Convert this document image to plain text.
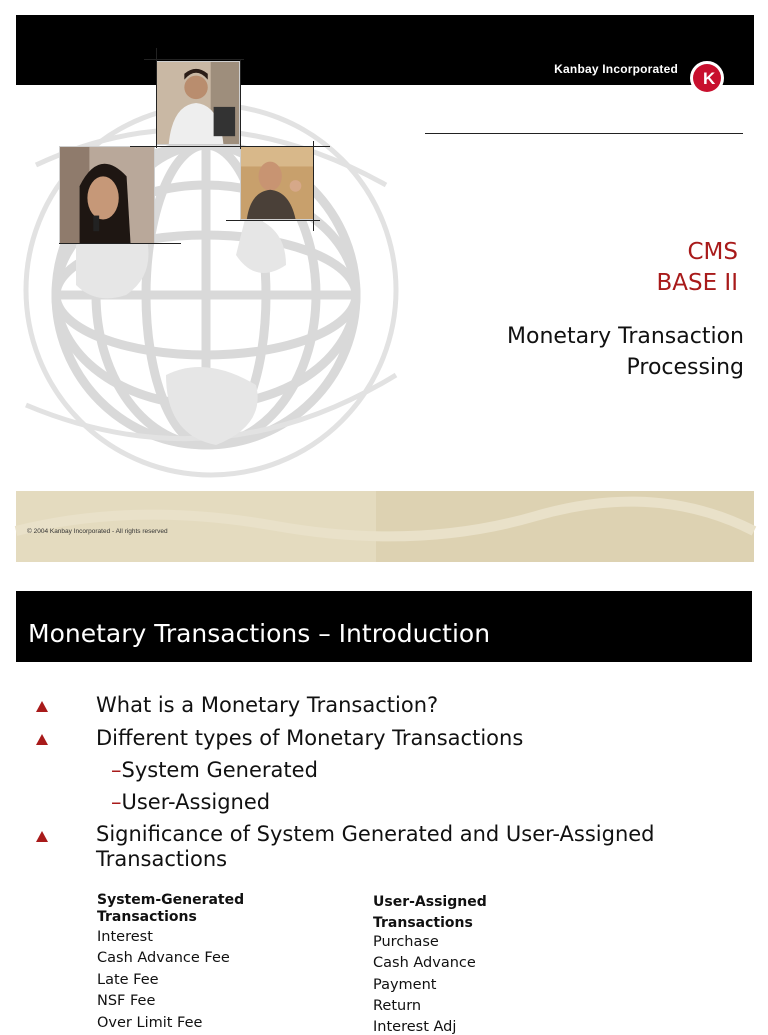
Kanbay Incorporated K
CMS
BASE II
Monetary Transaction
Processing
© 2004 Kanbay Incorporated - All rights reserved
Monetary Transactions – Introduction
What is a Monetary Transaction?
Different types of Monetary Transactions
–System Generated
–User-Assigned
Significance of System Generated and User-Assigned
Transactions
System-Generated
Transactions
Interest
Cash Advance Fee
Late Fee
NSF Fee
Over Limit Fee
User-Assigned
Transactions
Purchase
Cash Advance
Payment
Return
Interest Adj
